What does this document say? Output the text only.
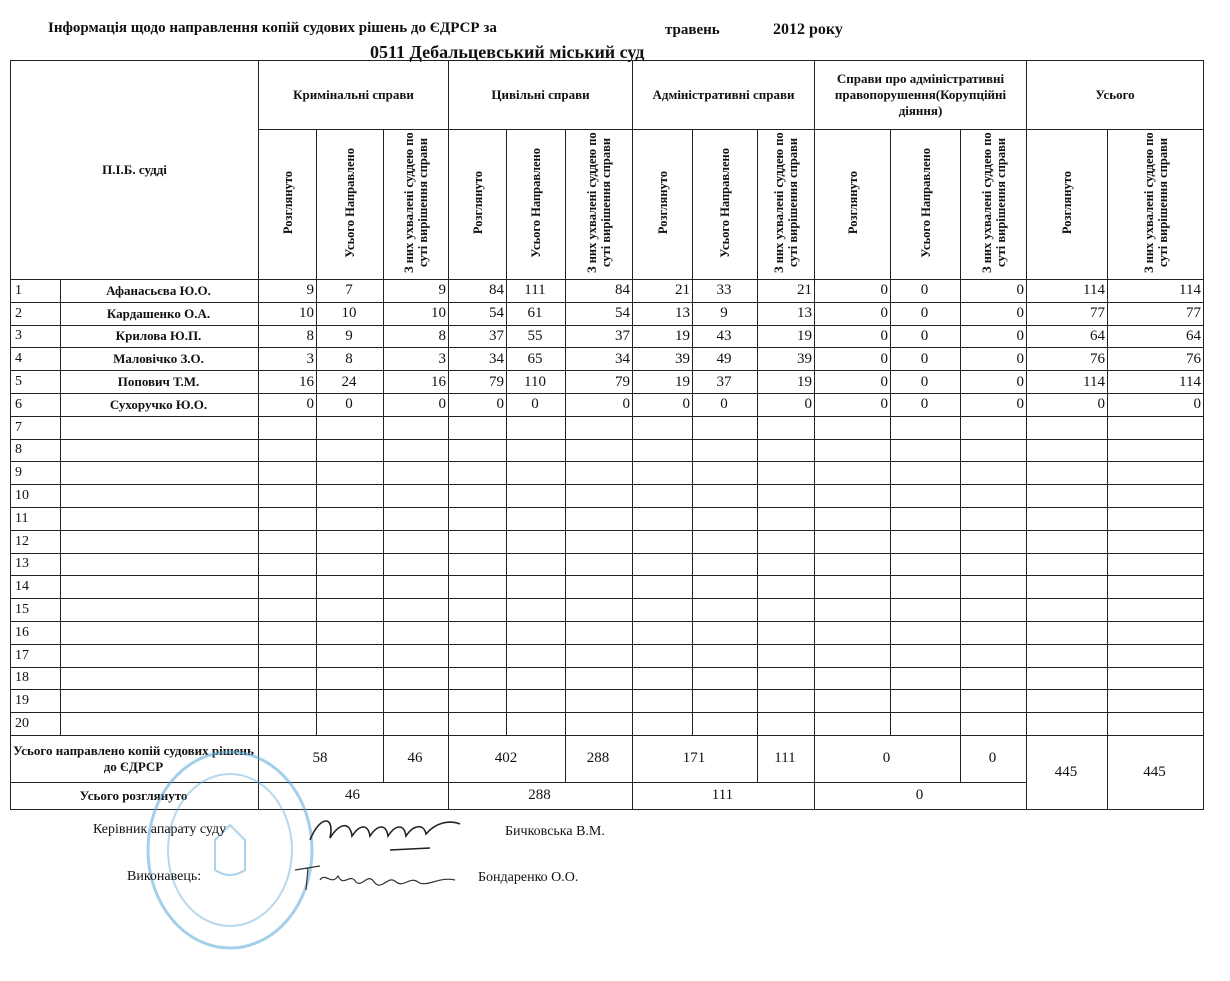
Інформація щодо направлення копій судових рішень до ЄДРСР за	травень	2012 року
0511 Дебальцевський міський суд
П.І.Б. судді		Кримінальні справи			Цивільні справи			Адміністративні справи			Справи про адміністративні правопорушення(Корупційні діяння)			Усього	
		Розглянуто	Усього Направлено	З них ухвалені суддею по суті вирішення справи	Розглянуто	Усього Направлено	З них ухвалені суддею по суті вирішення справи	Розглянуто	Усього Направлено	З них ухвалені суддею по суті вирішення справи	Розглянуто	Усього Направлено	З них ухвалені суддею по суті вирішення справи	Розглянуто	З них ухвалені суддею по суті вирішення справи
1	Афанасьєва Ю.О.	9	7	9	84	111	84	21	33	21	0	0	0	114	114
2	Кардашенко О.А.	10	10	10	54	61	54	13	9	13	0	0	0	77	77
3	Крилова Ю.П.	8	9	8	37	55	37	19	43	19	0	0	0	64	64
4	Маловічко З.О.	3	8	3	34	65	34	39	49	39	0	0	0	76	76
5	Попович Т.М.	16	24	16	79	110	79	19	37	19	0	0	0	114	114
6	Сухоручко Ю.О.	0	0	0	0	0	0	0	0	0	0	0	0	0	0
7															
8															
9															
10															
11															
12															
13															
14															
15															
16															
17															
18															
19															
20															
Усього направлено копій судових рішень до ЄДРСР		58		46	402		288	171		111	0		0	445	445
Усього розглянуто		46			288			111			0				
Керівник апарату суду	Бичковська В.М.
Виконавець:	Бондаренко О.О.
